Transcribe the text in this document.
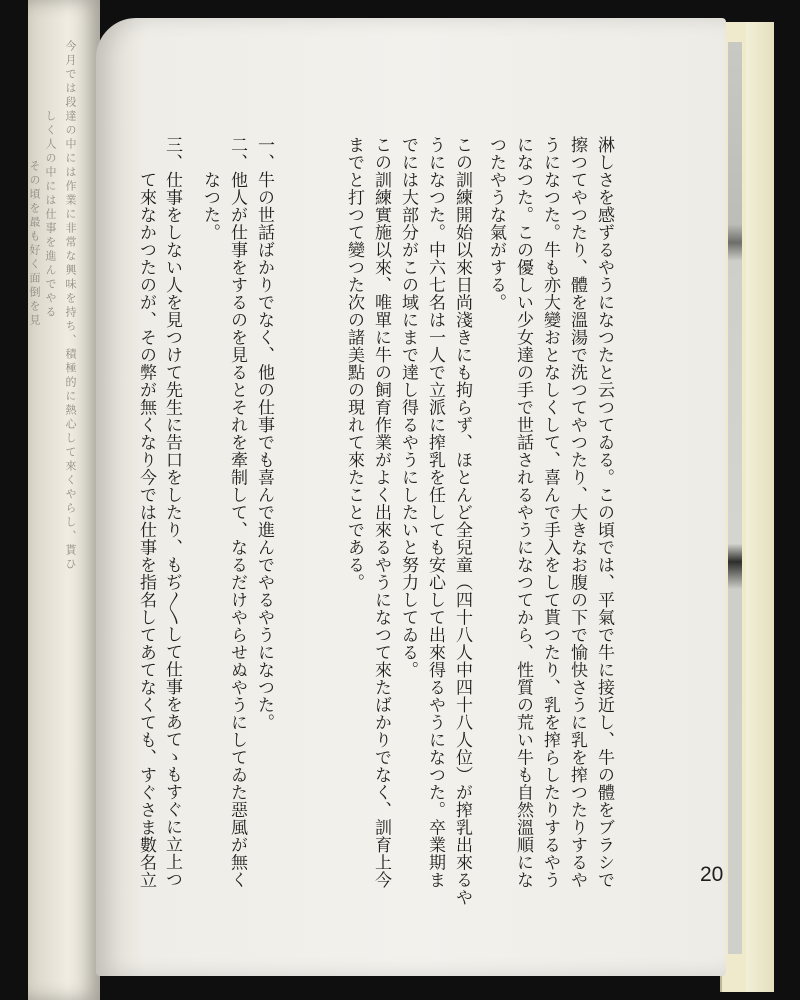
今月では段達の中には作業に非常な興味を持ち、積極的に熱心して來くやらし、貰ひ
しく人の中には仕事を進んでやる
その頃を最も好く面倒を見	淋しさを感ずるやうになつたと云つてゐる。この頃では、平氣で牛に接近し、牛の體をブラシで
擦つてやつたり、體を溫湯で洗つてやつたり、大きなお腹の下で愉快さうに乳を搾つたりするや
うになつた。牛も亦大變おとなしくして、喜んで手入をして貰つたり、乳を搾らしたりするやう
になつた。この優しい少女達の手で世話されるやうになつてから、性質の荒い牛も自然溫順にな
つたやうな氣がする。
この訓練開始以來日尚淺きにも拘らず、ほとんど全兒童（四十八人中四十八人位）が搾乳出來るや
うになつた。中六七名は一人で立派に搾乳を任しても安心して出來得るやうになつた。卒業期ま
でには大部分がこの域にまで達し得るやうにしたいと努力してゐる。
この訓練實施以來、唯單に牛の飼育作業がよく出來るやうになつて來たばかりでなく、訓育上今
までと打つて變つた次の諸美點の現れて來たことである。
一、牛の世話ばかりでなく、他の仕事でも喜んで進んでやるやうになつた。
二、他人が仕事をするのを見るとそれを牽制して、なるだけやらせぬやうにしてゐた惡風が無く
　　なつた。
三、仕事をしない人を見つけて先生に告口をしたり、もぢ〳〵して仕事をあてゝもすぐに立上つ
　　て來なかつたのが、その弊が無くなり今では仕事を指名してあてなくても、すぐさま數名立	20
